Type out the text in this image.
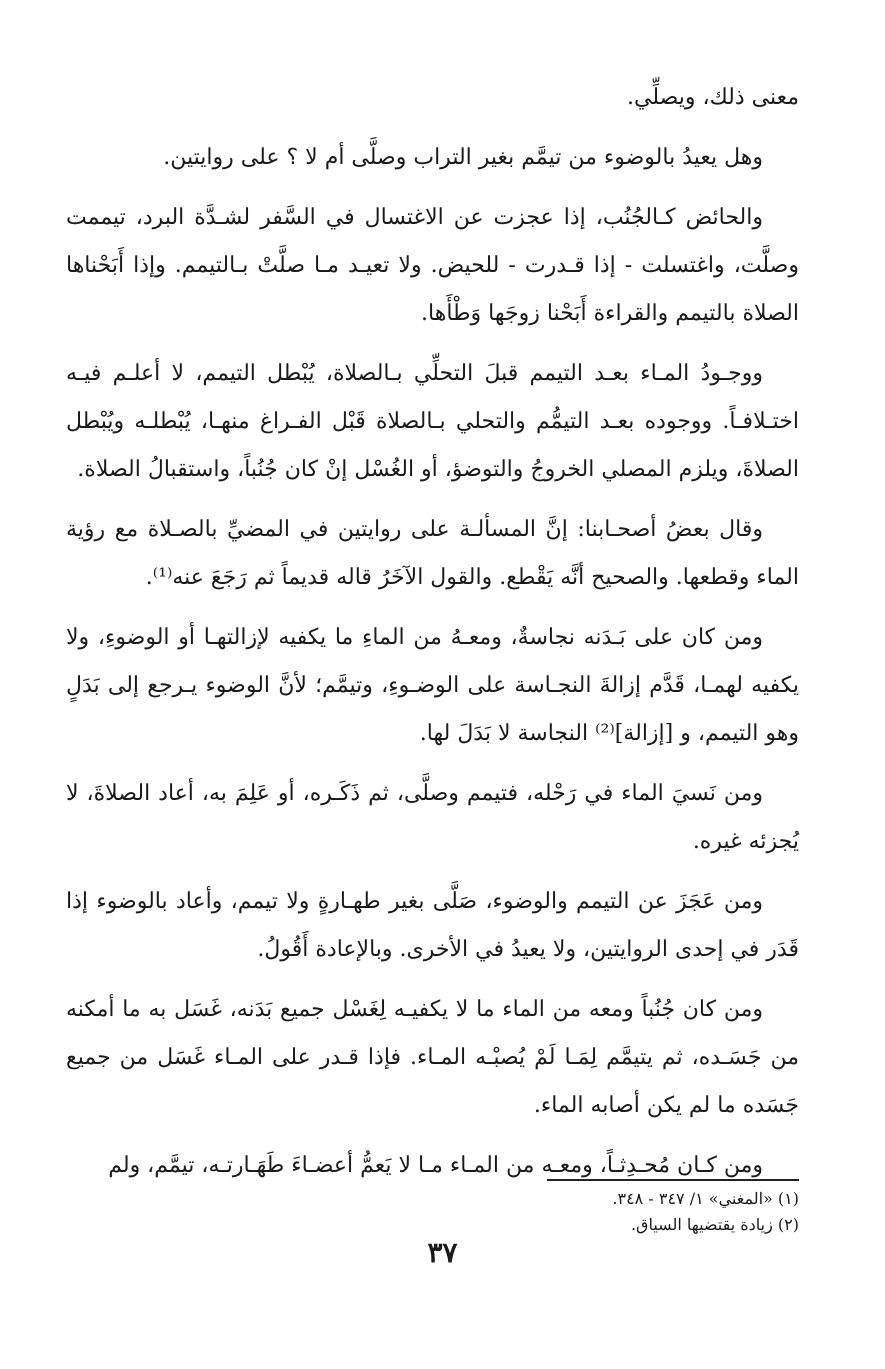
معنى ذلك، ويصلِّي.

وهل يعيدُ بالوضوء من تيمَّم بغير التراب وصلَّى أم لا ؟ على روايتين.

والحائض كـالجُنُب، إذا عجزت عن الاغتسال في السَّفر لشـدَّة البرد، تيممت وصلَّت، واغتسلت - إذا قـدرت - للحيض. ولا تعيـد مـا صلَّتْ بـالتيمم. وإذا أَبَحْناها الصلاة بالتيمم والقراءة أَبَحْنا زوجَها وَطْأَها.

ووجـودُ المـاء بعـد التيمم قبلَ التحلِّي بـالصلاة، يُبْطل التيمم، لا أعلـم فيـه اختـلافـاً. ووجوده بعـد التيمُّم والتحلي بـالصلاة قَبْل الفـراغ منهـا، يُبْطلـه ويُبْطل الصلاةَ، ويلزم المصلي الخروجُ والتوضؤ، أو الغُسْل إنْ كان جُنُباً، واستقبالُ الصلاة.

وقال بعضُ أصحـابنا: إنَّ المسألـة على روايتين في المضيِّ بالصـلاة مع رؤية الماء وقطعها. والصحيح أنَّه يَقْطع. والقول الآخَرُ قاله قديماً ثم رَجَعَ عنه⁽¹⁾.

ومن كان على بَـدَنه نجاسةٌ، ومعـهُ من الماءِ ما يكفيه لإزالتهـا أو الوضوءِ، ولا يكفيه لهمـا، قَدَّم إزالةَ النجـاسة على الوضـوءِ، وتيمَّم؛ لأنَّ الوضوء يـرجع إلى بَدَلٍ وهو التيمم، و [إزالة]⁽²⁾ النجاسة لا بَدَلَ لها.

ومن نَسيَ الماء في رَحْله، فتيمم وصلَّى، ثم ذَكَـره، أو عَلِمَ به، أعاد الصلاةَ، لا يُجزئه غيره.

ومن عَجَزَ عن التيمم والوضوء، صَلَّى بغير طهـارةٍ ولا تيمم، وأعاد بالوضوء إذا قَدَر في إحدى الروايتين، ولا يعيدُ في الأخرى. وبالإعادة أَقُولُ.

ومن كان جُنُباً ومعه من الماء ما لا يكفيـه لِغَسْل جميع بَدَنه، غَسَل به ما أمكنه من جَسَـده، ثم يتيمَّم لِمَـا لَمْ يُصبْـه المـاء. فإذا قـدر على المـاء غَسَل من جميع جَسَده ما لم يكن أصابه الماء.

ومن كـان مُحـدِثـاً، ومعـه من المـاء مـا لا يَعمُّ أعضـاءَ طَهَـارتـه، تيمَّم، ولم

(١) «المغني» ١/ ٣٤٧ - ٣٤٨.

(٢) زيادة يقتضيها السياق.

٣٧
